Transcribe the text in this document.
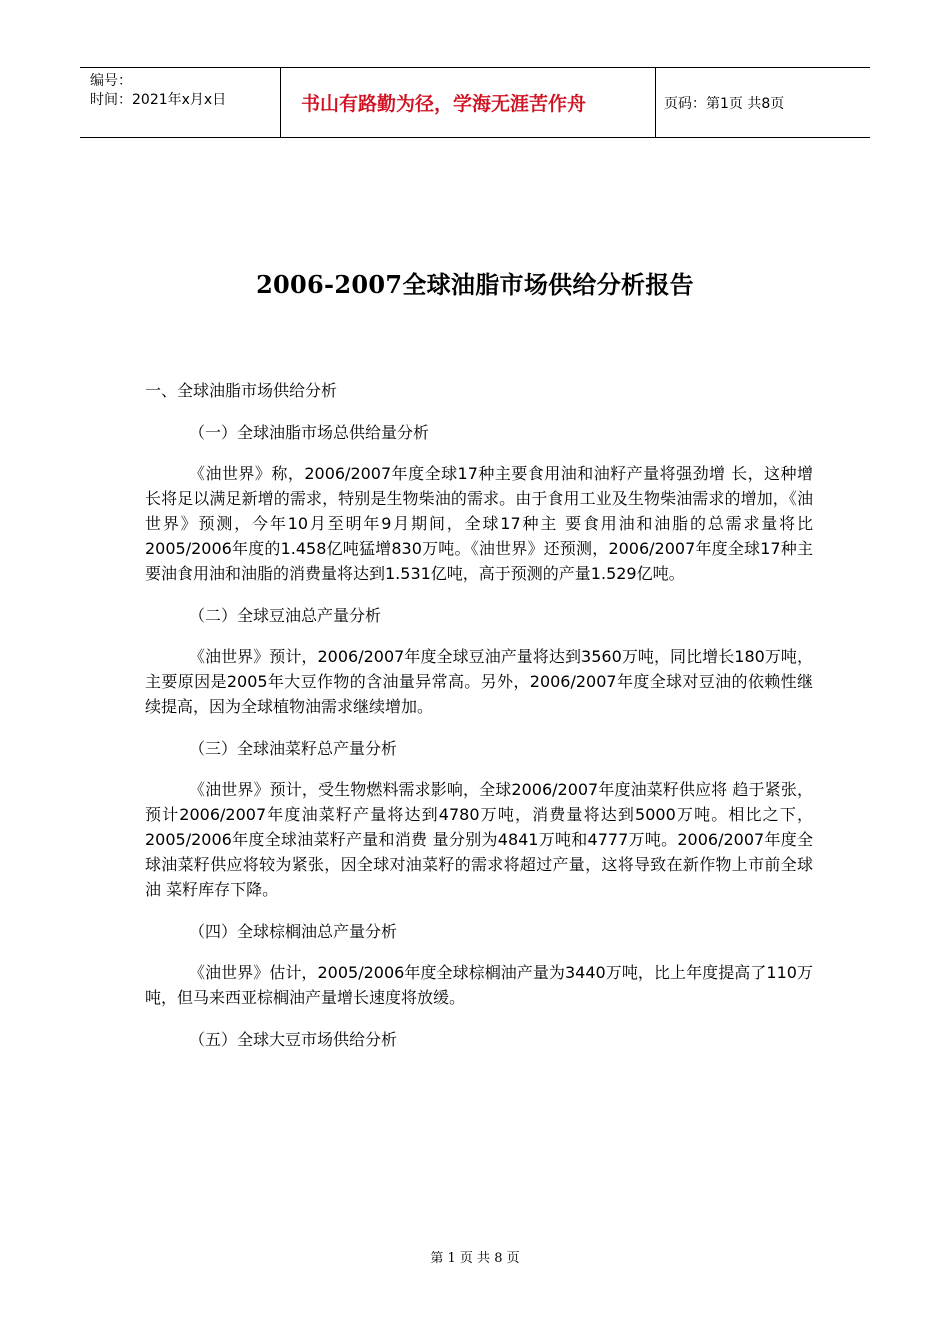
编号：
时间：2021年x月x日	书山有路勤为径，学海无涯苦作舟	页码：第1页 共8页
2006-2007全球油脂市场供给分析报告
一、全球油脂市场供给分析
（一）全球油脂市场总供给量分析
《油世界》称，2006/2007年度全球17种主要食用油和油籽产量将强劲增 长，这种增长将足以满足新增的需求，特别是生物柴油的需求。由于食用工业及生物柴油需求的增加，《油世界》预测，今年10月至明年9月期间，全球17种主 要食用油和油脂的总需求量将比2005/2006年度的1.458亿吨猛增830万吨。《油世界》还预测，2006/2007年度全球17种主要油食用油和油脂的消费量将达到1.531亿吨，高于预测的产量1.529亿吨。
（二）全球豆油总产量分析
《油世界》预计，2006/2007年度全球豆油产量将达到3560万吨，同比增长180万吨，主要原因是2005年大豆作物的含油量异常高。另外，2006/2007年度全球对豆油的依赖性继续提高，因为全球植物油需求继续增加。
（三）全球油菜籽总产量分析
《油世界》预计，受生物燃料需求影响，全球2006/2007年度油菜籽供应将 趋于紧张，预计2006/2007年度油菜籽产量将达到4780万吨，消费量将达到5000万吨。相比之下，2005/2006年度全球油菜籽产量和消费 量分别为4841万吨和4777万吨。2006/2007年度全球油菜籽供应将较为紧张，因全球对油菜籽的需求将超过产量，这将导致在新作物上市前全球油 菜籽库存下降。
（四）全球棕榈油总产量分析
《油世界》估计，2005/2006年度全球棕榈油产量为3440万吨，比上年度提高了110万吨，但马来西亚棕榈油产量增长速度将放缓。
（五）全球大豆市场供给分析
第 1 页 共 8 页
